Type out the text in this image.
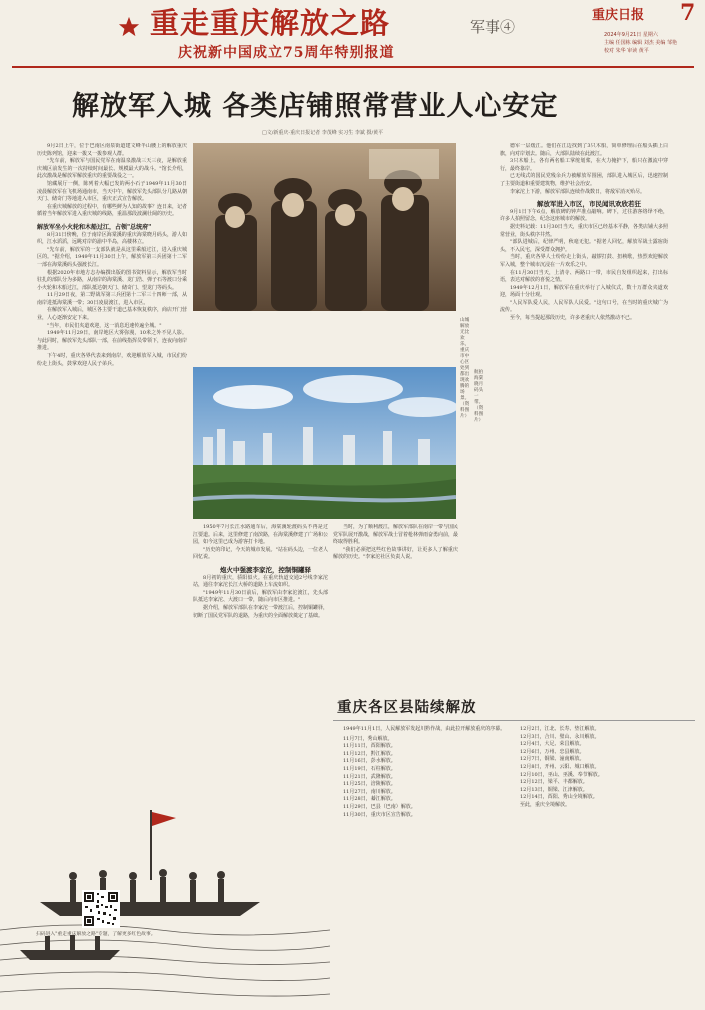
重走重庆解放之路	军事④
庆祝新中国成立75周年特别报道
重庆日报 7
2024年9月21日 星期六
主编 任国栋 编辑 刘杰 美编 邹艳
校对 朱华 审读 黄平
解放军入城 各类店铺照常营业人心安定
□文/新重庆-重庆日报记者 李茂峰 实习生 李斌 摄/黄平

9月2日上午，位于巴南区南泉街道建文峰半山腰上的解放重庆历史陈列馆，迎来一拨又一拨参观人群。

"先车前，解放军与国民党军在南温泉激战三天三夜，是解放重庆城区前发生的一次持续时间最长、规模最大的战斗。"馆长介绍，此次激战是解放军解放重庆的重要战役之一。

馆藏展厅一侧，陈列着大幅已发的两小石子1949年11月30日凌晨解放军在飞机场通南市，当天中午，解放军先头部队分几路从朝天门、储奇门等地进入市区，重庆正式宣告解放。

在重庆城解放的过程中，有哪些鲜为人知的故事？连日来，记者循着当年解放军进入重庆城的线路，重温那段波澜壮阔的历史。

解放军坐小火轮和木船过江，占领"总统府"

8月31日傍晚，位于南岸区海棠溪的重庆海棠晓月码头，游人如织，江水滔滔，远眺对岸的渝中半岛，高楼林立。

"先车前，解放军的一支部队就是从这里乘船过江，进入重庆城区的。"据介绍，1949年11月30日上午，解放军第三兵团第十二军一部在海棠溪码头强渡长江。

根据2020年市地方志办编撰出版的图书资料显示，解放军当时驻扎的部队分为多路，从南岸的海棠溪、龙门浩、弹子石等渡口分乘小火轮和木船过江，部队抵达朝天门、储奇门、望龙门等码头。

11月29日夜，第二野战军第三兵团第十二军三十四师一部，从南岸进抵海棠溪一带；30日凌晨渡江，进入市区。

在解放军入城后，城区各主要干道已基本恢复秩序，商店开门营业，人心逐渐安定下来。

"当年，市民们夹道欢迎，这一消息迅速传遍全城。"

1949年11月29日，南岸地区大雾弥漫，10米之外不见人影。与此同时，解放军先头部队一部，在前线指挥员带领下，连夜向南岸推进。

下午4时，重庆各界代表来到南岸，欢迎解放军入城，市民们纷纷走上街头，鼓掌欢迎人民子弟兵。

山城解放无比欢乐，重庆市中心区处到都出现欢腾的场景。（资料图片）
航拍海棠晓月码头一带。（资料图片）

1950年7月长江水路通车后，海棠溪轮渡码头不再是过江要道。后来，这里修建了南滨路，在海棠溪修建了广场和公园，如今这里已成为游客打卡地。

"历史的印记，今天的城市发展。"站在码头边，一位老人回忆说。

炮火中强渡李家沱，控制铜罐驿

8月初的重庆，骄阳似火。在重庆轨道交通2号线李家沱站，通往李家沱长江大桥的道路上车流如织。

"1949年11月30日前后，解放军由李家沱渡江，先头部队抵达李家沱、大渡口一带，随后向市区推进。"

据介绍，解放军部队在李家沱一带渡江后，控制铜罐驿，切断了国民党军队的退路，为重庆的全面解放奠定了基础。

当时，为了顺利渡江，解放军部队在南岸一带与国民党军队展开激战，解放军战士冒着枪林弹雨奋勇向前，最终取得胜利。

"我们必须把这些红色故事讲好，让更多人了解重庆解放的历史。"李家沱社区负责人说。

德军一层缓江。他们在江边找到了3只木船，简单修理后在船头插上白旗，向对岸划去。随后，大部队陆续在此渡江。

3只木船上，各有两名船工掌舵划桨，在火力掩护下，船只在激流中穿行，最终靠岸。

已无线式的国民党残余兵力被解放军围困，部队进入城区后，迅速控制了主要街道和重要建筑物，维护社会治安。

李家沱上下游，解放军部队连续作战数日，将敌军消灭殆尽。

解放军进入市区，市民闻讯欢欣若狂

9月1日下午6点，解放碑的钟声准点敲响。碑下，过往游客络绎不绝，许多人拍照留念，纪念这座城市的解放。

据史料记载：11月30日当天，重庆市区已经基本平静，各类店铺大多照常营业，街头秩序井然。

"部队进城后，纪律严明，秋毫无犯。"据老人回忆，解放军战士露宿街头，不入民宅，深受群众拥护。

当时，重庆各界人士纷纷走上街头，敲锣打鼓、扭秧歌，热烈欢迎解放军入城，整个城市沉浸在一片欢乐之中。

在11月30日当天，上清寺、两路口一带，市民自发组织起来，打出标语，表达对解放的喜悦之情。

1949年12月1日，解放军在重庆举行了入城仪式，数十万群众夹道欢迎，场面十分壮观。

"人民军队爱人民，人民军队人民爱。"这句口号，在当时的重庆城广为流传。

至今，每当提起那段历史，许多老重庆人依然激动不已。

重庆各区县陆续解放
1949年11月1日，人民解放军发起川黔作战，由此拉开解放重庆的序幕。
11月7日，秀山解放。
11月11日，酉阳解放。
11月12日，黔江解放。
11月16日，彭水解放。
11月19日，石柱解放。
11月21日，武隆解放。
11月25日，涪陵解放。
11月27日，南川解放。
11月28日，綦江解放。
11月29日，巴县（巴南）解放。
11月30日，重庆市区宣告解放。
12月2日，江北、长寿、垫江解放。
12月3日，合川、璧山、永川解放。
12月4日，大足、荣昌解放。
12月6日，万州、忠县解放。
12月7日，铜梁、潼南解放。
12月8日，开州、云阳、城口解放。
12月10日，巫山、巫溪、奉节解放。
12月12日，梁平、丰都解放。
12月13日，铜梁、江津解放。
12月14日，酉阳、秀山全境解放。
至此，重庆全境解放。
扫码进入"重走重庆解放之路"专题，了解更多红色故事。
